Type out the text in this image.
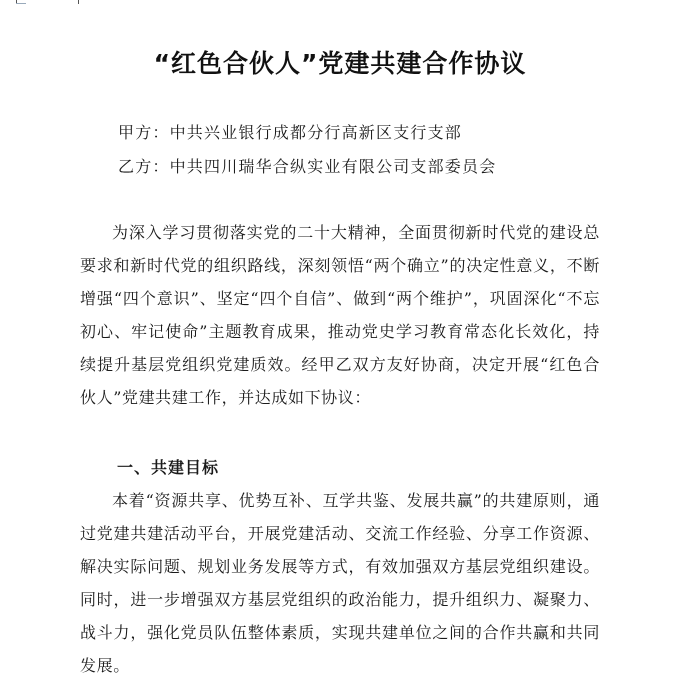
“红色合伙人”党建共建合作协议
甲方：中共兴业银行成都分行高新区支行支部
乙方：中共四川瑞华合纵实业有限公司支部委员会

为深入学习贯彻落实党的二十大精神，全面贯彻新时代党的建设总要求和新时代党的组织路线，深刻领悟“两个确立”的决定性意义，不断增强“四个意识”、坚定“四个自信”、做到“两个维护”，巩固深化“不忘初心、牢记使命”主题教育成果，推动党史学习教育常态化长效化，持续提升基层党组织党建质效。经甲乙双方友好协商，决定开展“红色合伙人”党建共建工作，并达成如下协议：

一、共建目标

本着“资源共享、优势互补、互学共鉴、发展共赢”的共建原则，通过党建共建活动平台，开展党建活动、交流工作经验、分享工作资源、解决实际问题、规划业务发展等方式，有效加强双方基层党组织建设。同时，进一步增强双方基层党组织的政治能力，提升组织力、凝聚力、战斗力，强化党员队伍整体素质，实现共建单位之间的合作共赢和共同发展。
